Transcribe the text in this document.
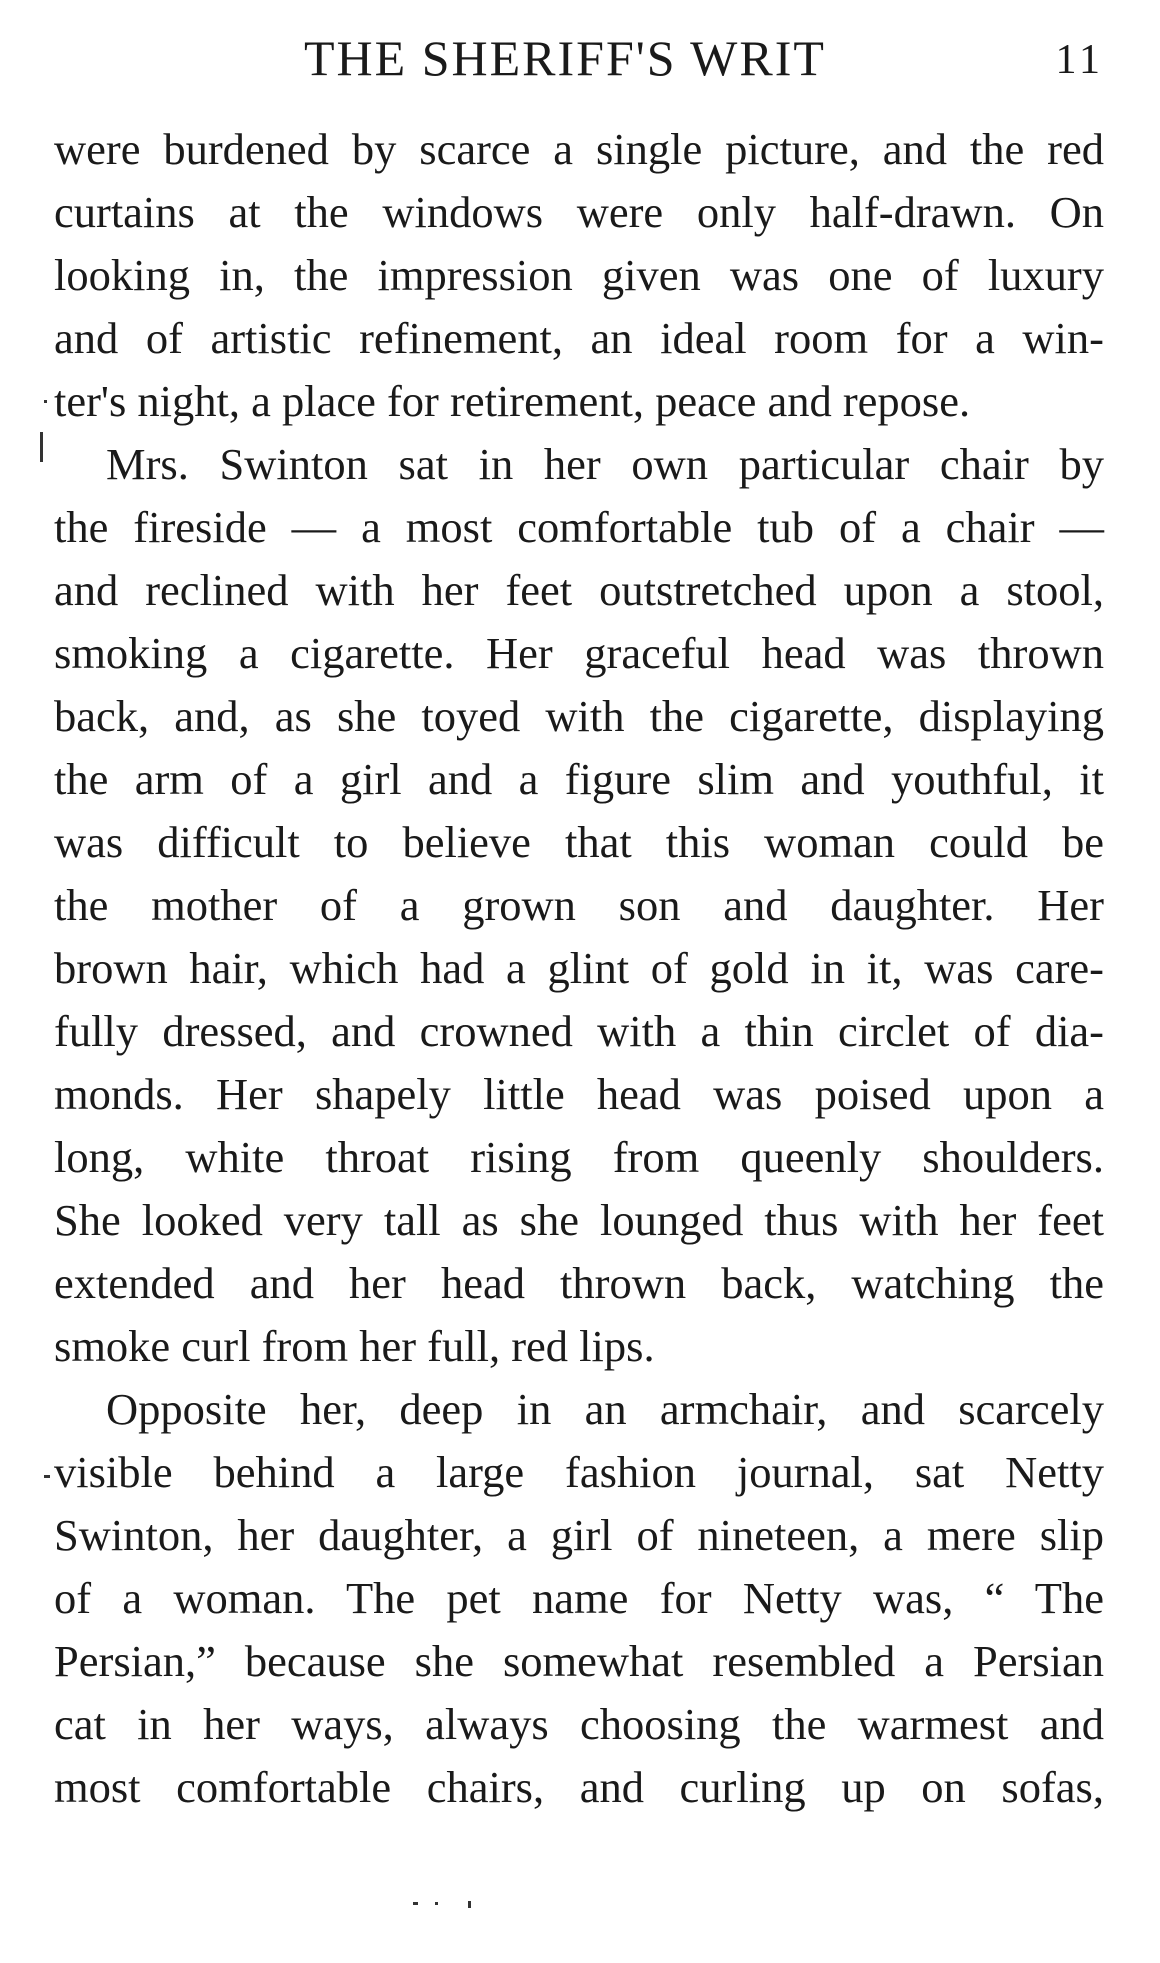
THE SHERIFF'S WRIT	11
were burdened by scarce a single picture, and the red
curtains at the windows were only half-drawn. On
looking in, the impression given was one of luxury
and of artistic refinement, an ideal room for a win-
ter's night, a place for retirement, peace and repose.
Mrs. Swinton sat in her own particular chair by
the fireside — a most comfortable tub of a chair —
and reclined with her feet outstretched upon a stool,
smoking a cigarette. Her graceful head was thrown
back, and, as she toyed with the cigarette, displaying
the arm of a girl and a figure slim and youthful, it
was difficult to believe that this woman could be
the mother of a grown son and daughter. Her
brown hair, which had a glint of gold in it, was care-
fully dressed, and crowned with a thin circlet of dia-
monds. Her shapely little head was poised upon a
long, white throat rising from queenly shoulders.
She looked very tall as she lounged thus with her feet
extended and her head thrown back, watching the
smoke curl from her full, red lips.
Opposite her, deep in an armchair, and scarcely
visible behind a large fashion journal, sat Netty
Swinton, her daughter, a girl of nineteen, a mere slip
of a woman. The pet name for Netty was, “ The
Persian,” because she somewhat resembled a Persian
cat in her ways, always choosing the warmest and
most comfortable chairs, and curling up on sofas,
